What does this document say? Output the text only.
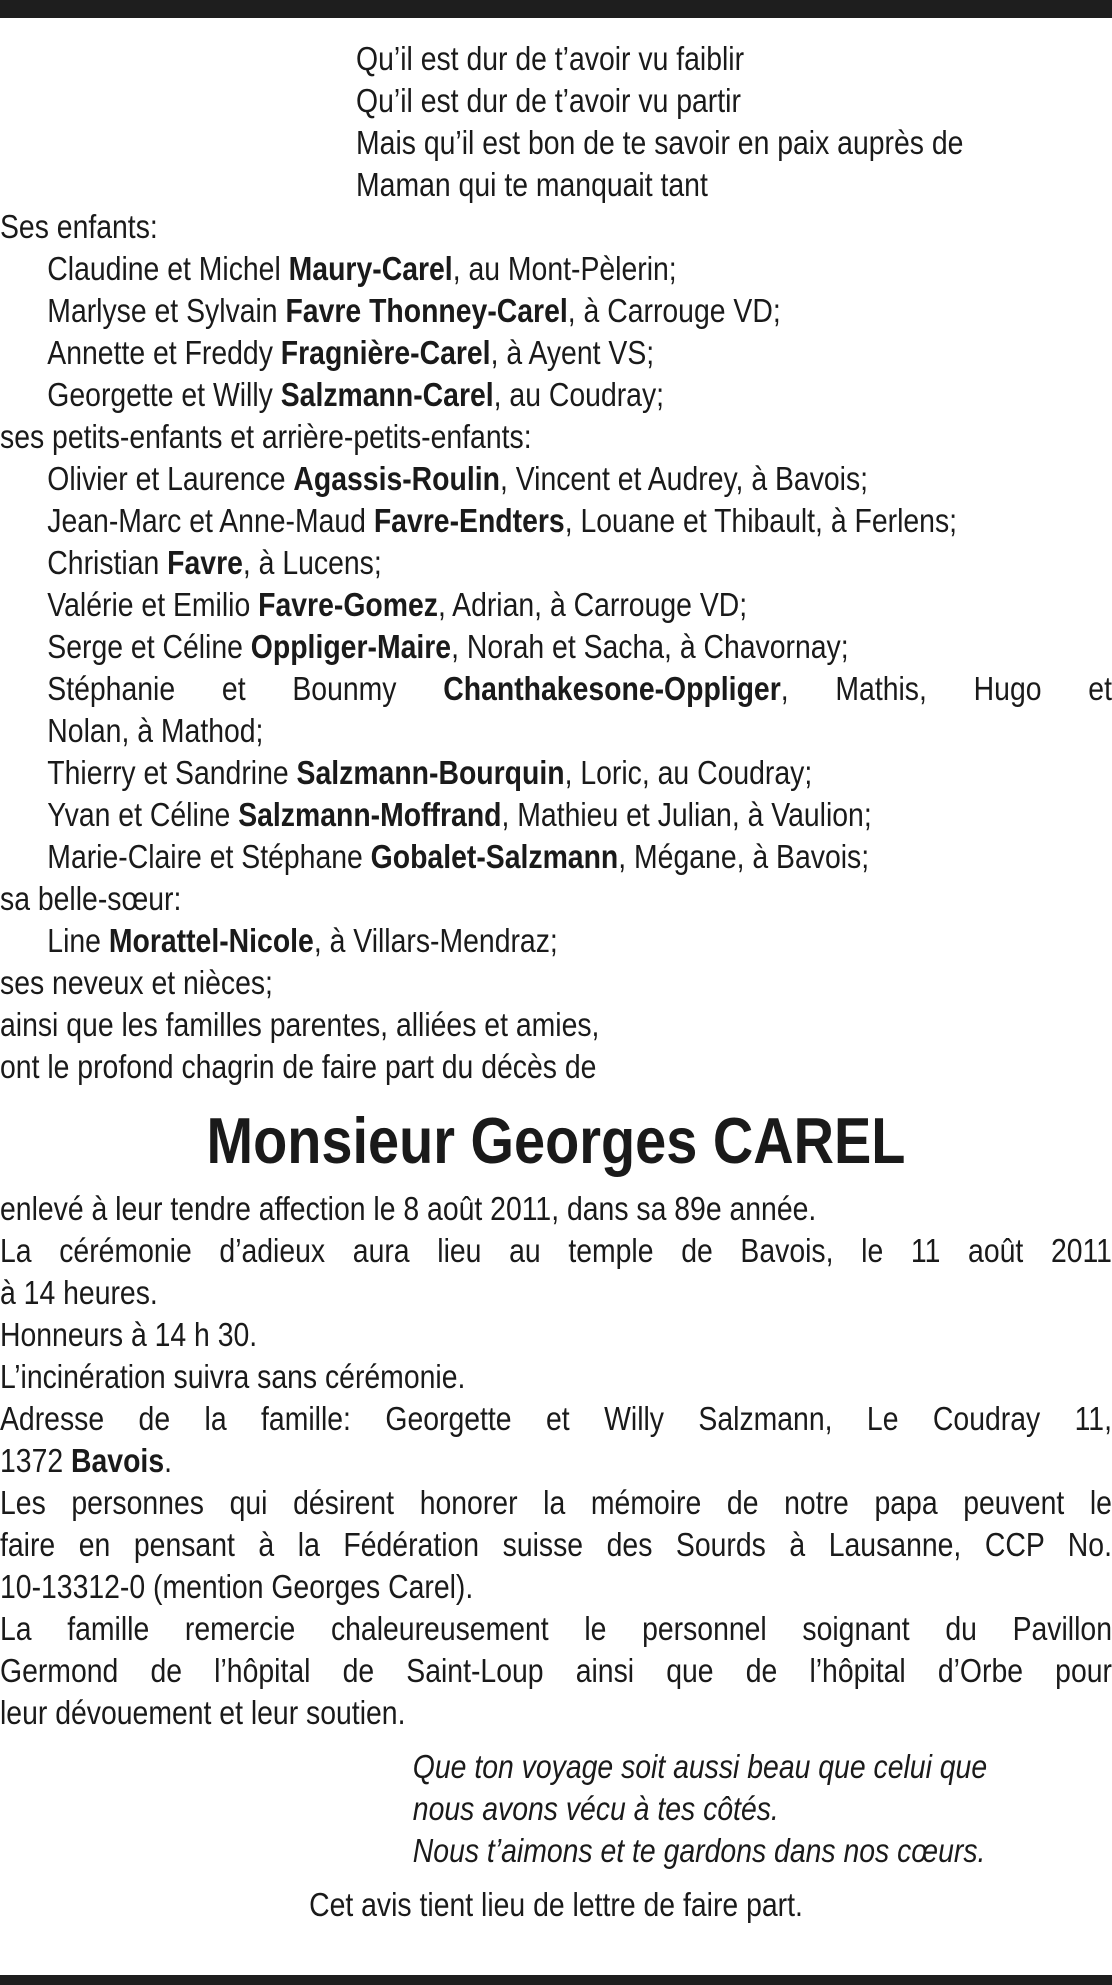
Qu’il est dur de t’avoir vu faiblir
Qu’il est dur de t’avoir vu partir
Mais qu’il est bon de te savoir en paix auprès de
Maman qui te manquait tant
Ses enfants:
Claudine et Michel Maury-Carel, au Mont-Pèlerin;
Marlyse et Sylvain Favre Thonney-Carel, à Carrouge VD;
Annette et Freddy Fragnière-Carel, à Ayent VS;
Georgette et Willy Salzmann-Carel, au Coudray;
ses petits-enfants et arrière-petits-enfants:
Olivier et Laurence Agassis-Roulin, Vincent et Audrey, à Bavois;
Jean-Marc et Anne-Maud Favre-Endters, Louane et Thibault, à Ferlens;
Christian Favre, à Lucens;
Valérie et Emilio Favre-Gomez, Adrian, à Carrouge VD;
Serge et Céline Oppliger-Maire, Norah et Sacha, à Chavornay;
Stéphanie et Bounmy Chanthakesone-Oppliger, Mathis, Hugo et
Nolan, à Mathod;
Thierry et Sandrine Salzmann-Bourquin, Loric, au Coudray;
Yvan et Céline Salzmann-Moffrand, Mathieu et Julian, à Vaulion;
Marie-Claire et Stéphane Gobalet-Salzmann, Mégane, à Bavois;
sa belle-sœur:
Line Morattel-Nicole, à Villars-Mendraz;
ses neveux et nièces;
ainsi que les familles parentes, alliées et amies,
ont le profond chagrin de faire part du décès de
Monsieur Georges CAREL
enlevé à leur tendre affection le 8 août 2011, dans sa 89e année.
La cérémonie d’adieux aura lieu au temple de Bavois, le 11 août 2011
à 14 heures.
Honneurs à 14 h 30.
L’incinération suivra sans cérémonie.
Adresse de la famille: Georgette et Willy Salzmann, Le Coudray 11,
1372 Bavois.
Les personnes qui désirent honorer la mémoire de notre papa peuvent le
faire en pensant à la Fédération suisse des Sourds à Lausanne, CCP No.
10-13312-0 (mention Georges Carel).
La famille remercie chaleureusement le personnel soignant du Pavillon
Germond de l’hôpital de Saint-Loup ainsi que de l’hôpital d’Orbe pour
leur dévouement et leur soutien.
Que ton voyage soit aussi beau que celui que
nous avons vécu à tes côtés.
Nous t’aimons et te gardons dans nos cœurs.
Cet avis tient lieu de lettre de faire part.
